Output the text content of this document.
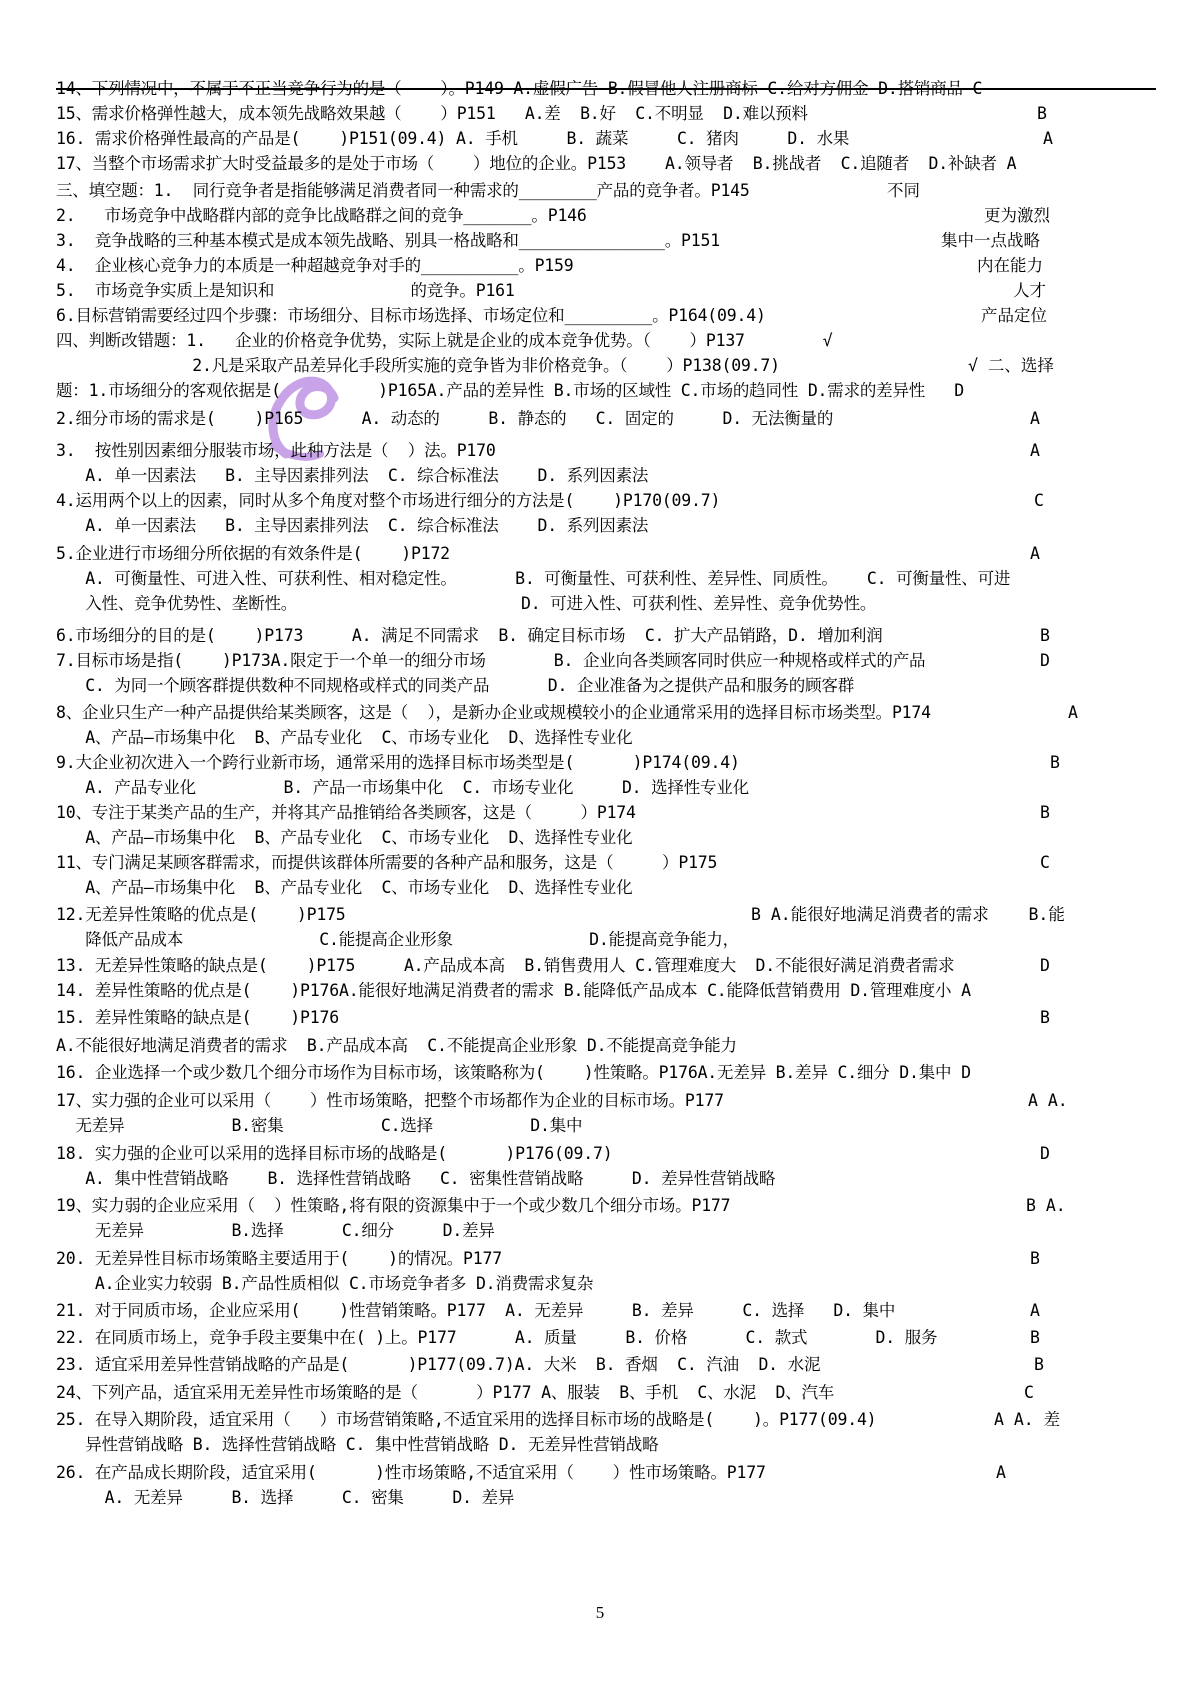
14、下列情况中，不属于不正当竞争行为的是（    ）。P149 A.虚假广告 B.假冒他人注册商标 C.给对方佣金 D.搭销商品 C
15、需求价格弹性越大，成本领先战略效果越（    ）P151   A.差  B.好  C.不明显  D.难以预料
16. 需求价格弹性最高的产品是(    )P151(09.4) A. 手机     B. 蔬菜     C. 猪肉     D. 水果
17、当整个市场需求扩大时受益最多的是处于市场（    ）地位的企业。P153    A.领导者  B.挑战者  C.追随者  D.补缺者 A
三、填空题：1.  同行竞争者是指能够满足消费者同一种需求的________产品的竞争者。P145
2.   市场竞争中战略群内部的竞争比战略群之间的竞争_______。P146
3.  竞争战略的三种基本模式是成本领先战略、别具一格战略和_______________。P151
4.  企业核心竞争力的本质是一种超越竞争对手的__________。P159
5.  市场竞争实质上是知识和              的竞争。P161
6.目标营销需要经过四个步骤：市场细分、目标市场选择、市场定位和_________。P164(09.4)
四、判断改错题：1.   企业的价格竞争优势，实际上就是企业的成本竞争优势。（    ）P137        √
2.凡是采取产品差异化手段所实施的竞争皆为非价格竞争。（    ）P138(09.7)
题：1.市场细分的客观依据是(          )P165A.产品的差异性 B.市场的区域性 C.市场的趋同性 D.需求的差异性   D
2.细分市场的需求是(    )P165      A. 动态的     B. 静态的   C. 固定的     D. 无法衡量的
3.  按性别因素细分服装市场，此种方法是（  ）法。P170
A. 单一因素法   B. 主导因素排列法  C. 综合标准法    D. 系列因素法
4.运用两个以上的因素，同时从多个角度对整个市场进行细分的方法是(    )P170(09.7)
A. 单一因素法   B. 主导因素排列法  C. 综合标准法    D. 系列因素法
5.企业进行市场细分所依据的有效条件是(    )P172
A. 可衡量性、可进入性、可获利性、相对稳定性。      B. 可衡量性、可获利性、差异性、同质性。   C. 可衡量性、可进
入性、竞争优势性、垄断性。                       D. 可进入性、可获利性、差异性、竞争优势性。
6.市场细分的目的是(    )P173     A. 满足不同需求  B. 确定目标市场  C. 扩大产品销路，D. 增加利润
7.目标市场是指(    )P173A.限定于一个单一的细分市场       B. 企业向各类顾客同时供应一种规格或样式的产品
C. 为同一个顾客群提供数种不同规格或样式的同类产品      D. 企业准备为之提供产品和服务的顾客群
8、企业只生产一种产品提供给某类顾客，这是（  ），是新办企业或规模较小的企业通常采用的选择目标市场类型。P174
A、产品—市场集中化  B、产品专业化  C、市场专业化  D、选择性专业化
9.大企业初次进入一个跨行业新市场，通常采用的选择目标市场类型是(      )P174(09.4)
A. 产品专业化         B. 产品一市场集中化  C. 市场专业化     D. 选择性专业化
10、专注于某类产品的生产，并将其产品推销给各类顾客，这是（     ）P174
A、产品—市场集中化  B、产品专业化  C、市场专业化  D、选择性专业化
11、专门满足某顾客群需求，而提供该群体所需要的各种产品和服务，这是（     ）P175
A、产品—市场集中化  B、产品专业化  C、市场专业化  D、选择性专业化
12.无差异性策略的优点是(    )P175
降低产品成本              C.能提高企业形象              D.能提高竞争能力，
13. 无差异性策略的缺点是(    )P175     A.产品成本高  B.销售费用人 C.管理难度大  D.不能很好满足消费者需求
14. 差异性策略的优点是(    )P176A.能很好地满足消费者的需求 B.能降低产品成本 C.能降低营销费用 D.管理难度小 A
15. 差异性策略的缺点是(    )P176
A.不能很好地满足消费者的需求  B.产品成本高  C.不能提高企业形象 D.不能提高竞争能力
16. 企业选择一个或少数几个细分市场作为目标市场，该策略称为(    )性策略。P176A.无差异 B.差异 C.细分 D.集中 D
17、实力强的企业可以采用（    ）性市场策略，把整个市场都作为企业的目标市场。P177
无差异           B.密集          C.选择          D.集中
18. 实力强的企业可以采用的选择目标市场的战略是(      )P176(09.7)
A. 集中性营销战略    B. 选择性营销战略   C. 密集性营销战略     D. 差异性营销战略
19、实力弱的企业应采用（  ）性策略,将有限的资源集中于一个或少数几个细分市场。P177
无差异         B.选择      C.细分     D.差异
20. 无差异性目标市场策略主要适用于(    )的情况。P177
A.企业实力较弱 B.产品性质相似 C.市场竞争者多 D.消费需求复杂
21. 对于同质市场，企业应采用(    )性营销策略。P177  A. 无差异     B. 差异     C. 选择   D. 集中
22. 在同质市场上，竞争手段主要集中在( )上。P177      A. 质量     B. 价格      C. 款式       D. 服务
23. 适宜采用差异性营销战略的产品是(      )P177(09.7)A. 大米  B. 香烟  C. 汽油  D. 水泥
24、下列产品，适宜采用无差异性市场策略的是（      ）P177 A、服装  B、手机  C、水泥  D、汽车
25. 在导入期阶段，适宜采用（   ）市场营销策略,不适宜采用的选择目标市场的战略是(    )。P177(09.4)
异性营销战略 B. 选择性营销战略 C. 集中性营销战略 D. 无差异性营销战略
26. 在产品成长期阶段，适宜采用(      )性市场策略,不适宜采用（    ）性市场策略。P177
A. 无差异     B. 选择     C. 密集     D. 差异
B
A
不同
更为激烈
集中一点战略
内在能力
人才
产品定位
√ 二、选择
A
A
C
A
B
D
A
B
B
C
B A.能很好地满足消费者的需求    B.能
D
B
A A.
D
B A.
B
A
B
B
C
A A. 差
A
5
